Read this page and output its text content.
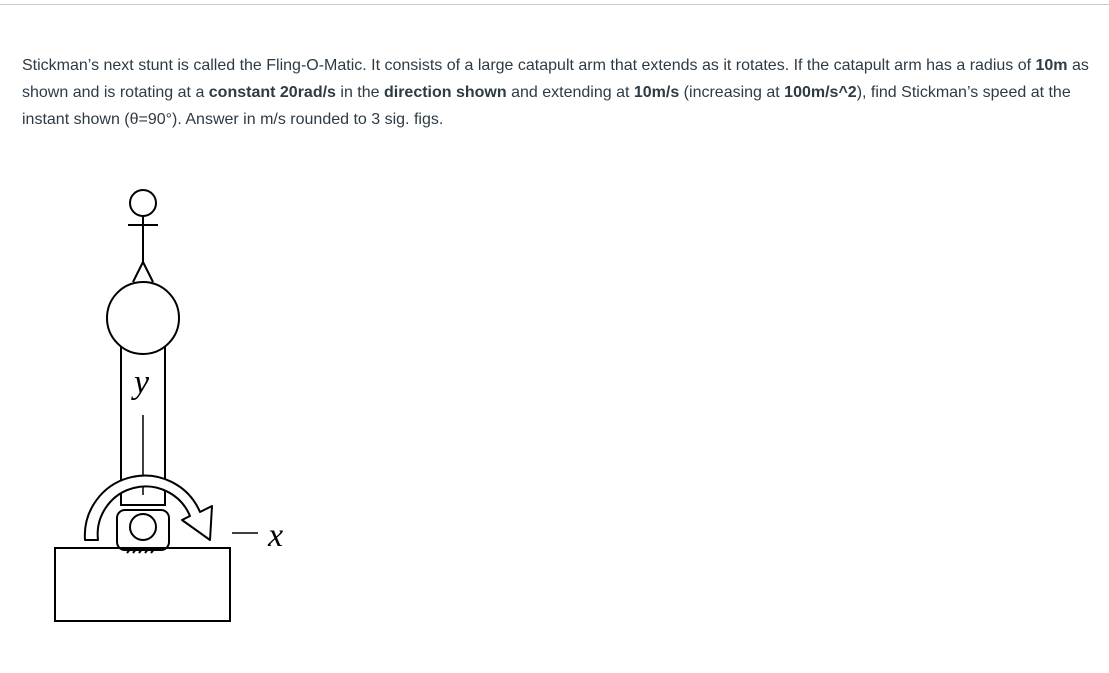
Stickman’s next stunt is called the Fling-O-Matic. It consists of a large catapult arm that extends as it rotates. If the catapult arm has a radius of 10m as shown and is rotating at a constant 20rad/s in the direction shown and extending at 10m/s (increasing at 100m/s^2), find Stickman’s speed at the instant shown (θ=90°). Answer in m/s rounded to 3 sig. figs.

y
x
